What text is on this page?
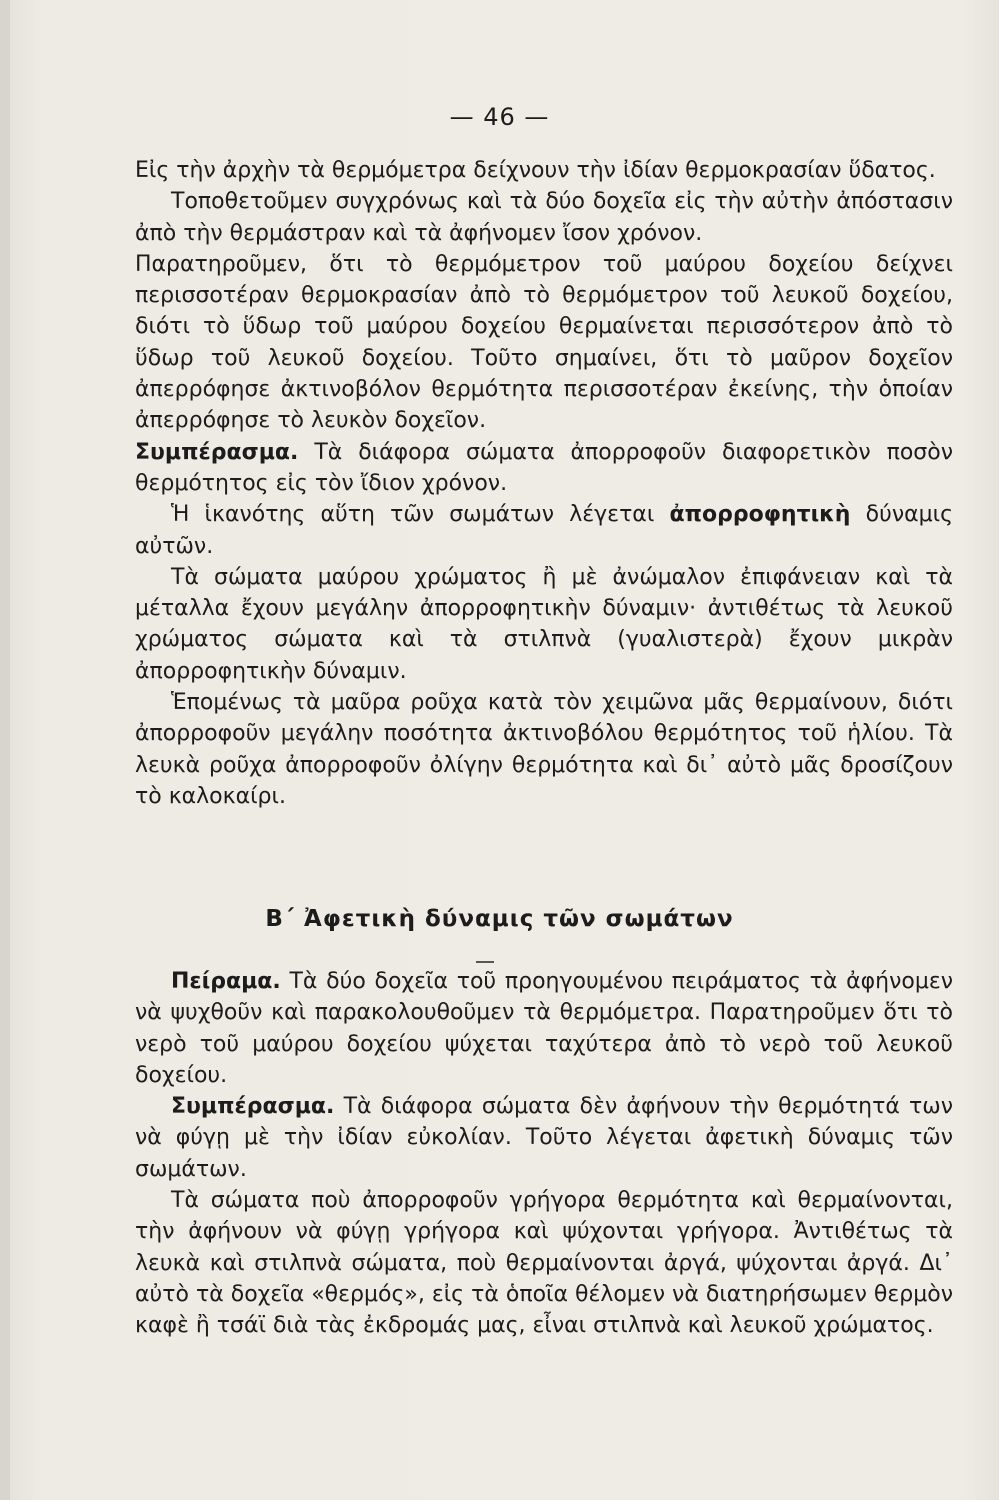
— 46 —

Εἰς τὴν ἀρχὴν τὰ θερμόμετρα δείχνουν τὴν ἰδίαν θερμοκρασίαν ὕδατος.

Τοποθετοῦμεν συγχρόνως καὶ τὰ δύο δοχεῖα εἰς τὴν αὐτὴν ἀπόστασιν ἀπὸ τὴν θερμάστραν καὶ τὰ ἀφήνομεν ἴσον χρόνον.

Παρατηροῦμεν, ὅτι τὸ θερμόμετρον τοῦ μαύρου δοχείου δείχνει περισσοτέραν θερμοκρασίαν ἀπὸ τὸ θερμόμετρον τοῦ λευκοῦ δοχείου, διότι τὸ ὕδωρ τοῦ μαύρου δοχείου θερμαίνεται περισσότερον ἀπὸ τὸ ὕδωρ τοῦ λευκοῦ δοχείου. Τοῦτο σημαίνει, ὅτι τὸ μαῦρον δοχεῖον ἀπερρόφησε ἀκτινοβόλον θερμότητα περισσοτέραν ἐκείνης, τὴν ὁποίαν ἀπερρόφησε τὸ λευκὸν δοχεῖον.

Συμπέρασμα. Τὰ διάφορα σώματα ἀπορροφοῦν διαφορετικὸν ποσὸν θερμότητος εἰς τὸν ἴδιον χρόνον.

Ἡ ἱκανότης αὕτη τῶν σωμάτων λέγεται ἀπορροφητικὴ δύναμις αὐτῶν.

Τὰ σώματα μαύρου χρώματος ἢ μὲ ἀνώμαλον ἐπιφάνειαν καὶ τὰ μέταλλα ἔχουν μεγάλην ἀπορροφητικὴν δύναμιν· ἀντιθέτως τὰ λευκοῦ χρώματος σώματα καὶ τὰ στιλπνὰ (γυαλιστερὰ) ἔχουν μικρὰν ἀπορροφητικὴν δύναμιν.

Ἑπομένως τὰ μαῦρα ροῦχα κατὰ τὸν χειμῶνα μᾶς θερμαίνουν, διότι ἀπορροφοῦν μεγάλην ποσότητα ἀκτινοβόλου θερμότητος τοῦ ἡλίου. Τὰ λευκὰ ροῦχα ἀπορροφοῦν ὀλίγην θερμότητα καὶ δι᾽ αὐτὸ μᾶς δροσίζουν τὸ καλοκαίρι.

Β΄ Ἀφετικὴ δύναμις τῶν σωμάτων

Πείραμα. Τὰ δύο δοχεῖα τοῦ προηγουμένου πειράματος τὰ ἀφήνομεν νὰ ψυχθοῦν καὶ παρακολουθοῦμεν τὰ θερμόμετρα. Παρατηροῦμεν ὅτι τὸ νερὸ τοῦ μαύρου δοχείου ψύχεται ταχύτερα ἀπὸ τὸ νερὸ τοῦ λευκοῦ δοχείου.

Συμπέρασμα. Τὰ διάφορα σώματα δὲν ἀφήνουν τὴν θερμότητά των νὰ φύγῃ μὲ τὴν ἰδίαν εὐκολίαν. Τοῦτο λέγεται ἀφετικὴ δύναμις τῶν σωμάτων.

Τὰ σώματα ποὺ ἀπορροφοῦν γρήγορα θερμότητα καὶ θερμαίνονται, τὴν ἀφήνουν νὰ φύγῃ γρήγορα καὶ ψύχονται γρήγορα. Ἀντιθέτως τὰ λευκὰ καὶ στιλπνὰ σώματα, ποὺ θερμαίνονται ἀργά, ψύχονται ἀργά. Δι᾽ αὐτὸ τὰ δοχεῖα «θερμός», εἰς τὰ ὁποῖα θέλομεν νὰ διατηρήσωμεν θερμὸν καφὲ ἢ τσάϊ διὰ τὰς ἐκδρομάς μας, εἶναι στιλπνὰ καὶ λευκοῦ χρώματος.
